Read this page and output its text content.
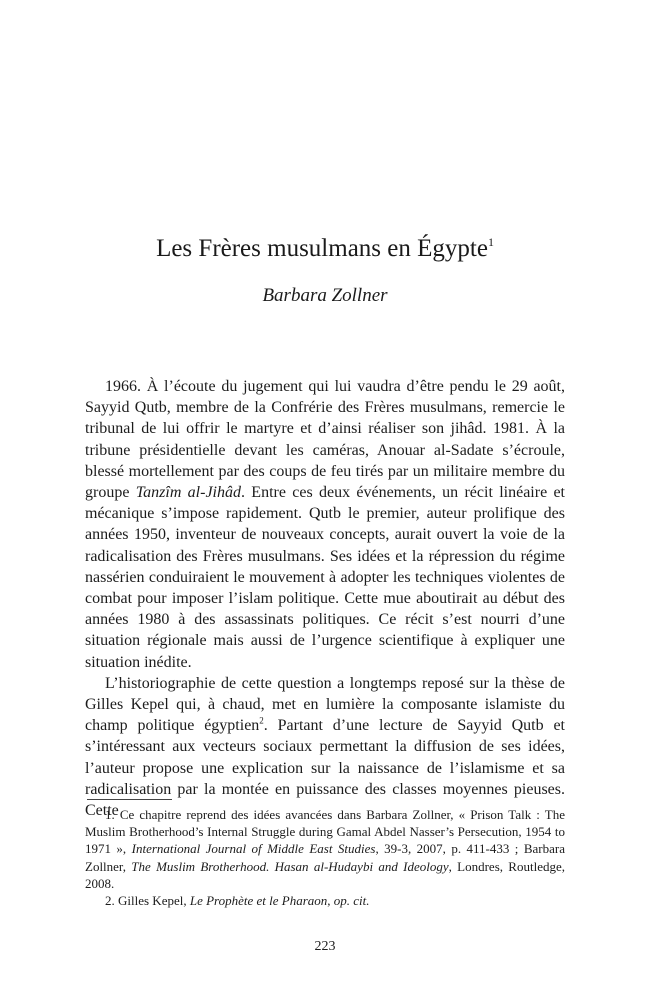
Les Frères musulmans en Égypte$^1$
Barbara Zollner

1966. À l’écoute du jugement qui lui vaudra d’être pendu le 29 août, Sayyid Qutb, membre de la Confrérie des Frères musulmans, remercie le tribunal de lui offrir le martyre et d’ainsi réaliser son jihâd. 1981. À la tribune présidentielle devant les caméras, Anouar al-Sadate s’écroule, blessé mortellement par des coups de feu tirés par un militaire membre du groupe Tanzîm al-Jihâd. Entre ces deux événements, un récit linéaire et mécanique s’impose rapidement. Qutb le premier, auteur prolifique des années 1950, inventeur de nouveaux concepts, aurait ouvert la voie de la radicalisation des Frères musulmans. Ses idées et la répression du régime nassérien conduiraient le mouvement à adopter les techniques violentes de combat pour imposer l’islam politique. Cette mue aboutirait au début des années 1980 à des assassinats politiques. Ce récit s’est nourri d’une situation régionale mais aussi de l’urgence scientifique à expliquer une situation inédite.

L’historiographie de cette question a longtemps reposé sur la thèse de Gilles Kepel qui, à chaud, met en lumière la composante islamiste du champ politique égyptien$^2$. Partant d’une lecture de Sayyid Qutb et s’intéressant aux vecteurs sociaux permettant la diffusion de ses idées, l’auteur propose une explication sur la naissance de l’islamisme et sa radicalisation par la montée en puissance des classes moyennes pieuses. Cette

1. Ce chapitre reprend des idées avancées dans Barbara Zollner, « Prison Talk : The Muslim Brotherhood’s Internal Struggle during Gamal Abdel Nasser’s Persecution, 1954 to 1971 », International Journal of Middle East Studies, 39-3, 2007, p. 411-433 ; Barbara Zollner, The Muslim Brotherhood. Hasan al-Hudaybi and Ideology, Londres, Routledge, 2008.

2. Gilles Kepel, Le Prophète et le Pharaon, op. cit.

223
